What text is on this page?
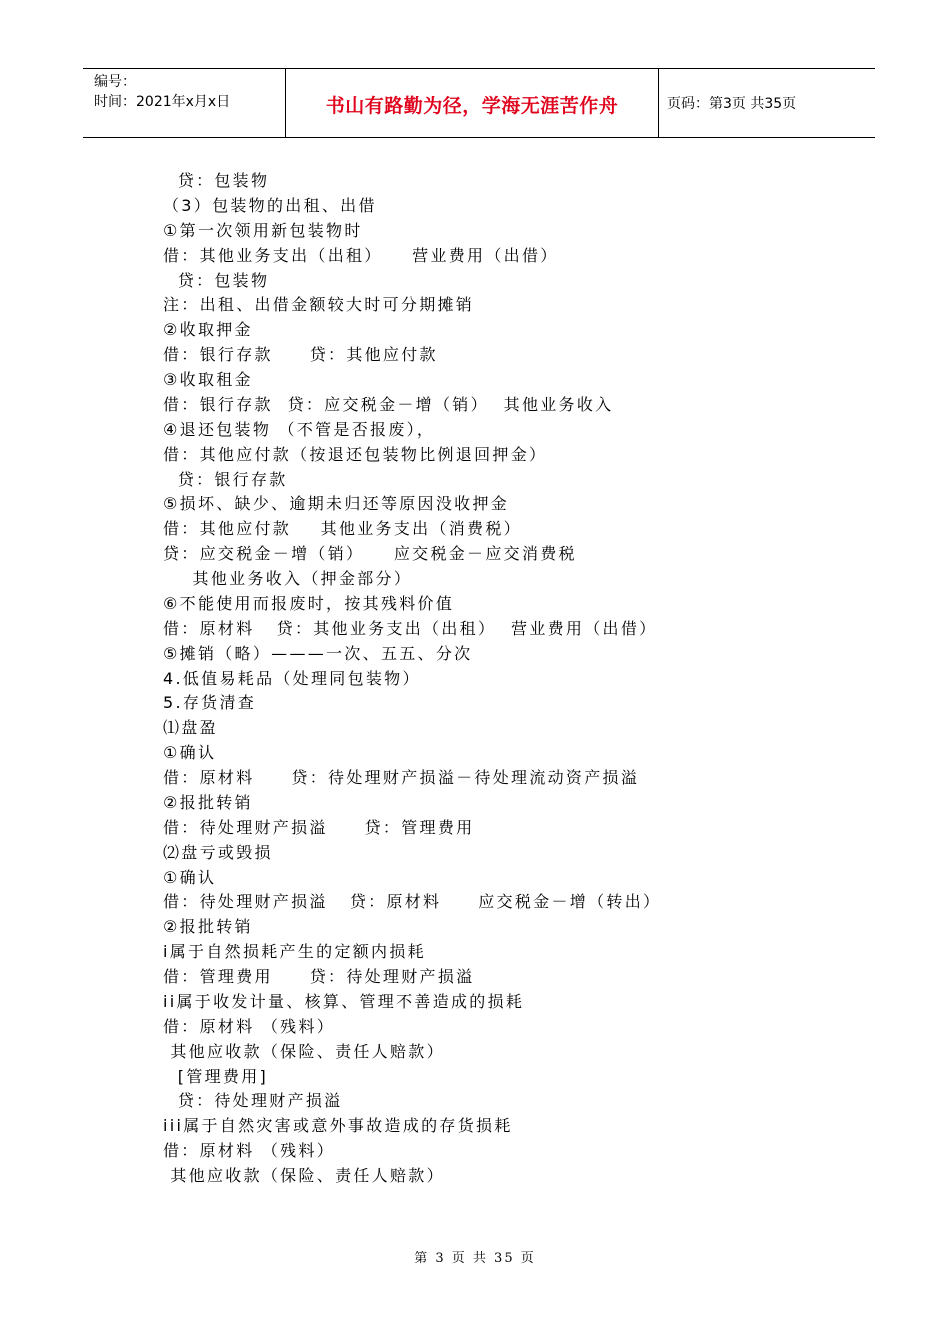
编号：
时间：2021年x月x日	书山有路勤为径，学海无涯苦作舟	页码：第3页 共35页
贷：包装物
（3）包装物的出租、出借
①第一次领用新包装物时
借：其他业务支出（出租）    营业费用（出借）
贷：包装物
注：出租、出借金额较大时可分期摊销
②收取押金
借：银行存款     贷：其他应付款
③收取租金
借：银行存款  贷：应交税金－增（销）  其他业务收入
④退还包装物 （不管是否报废），
借：其他应付款（按退还包装物比例退回押金）
贷：银行存款
⑤损坏、缺少、逾期未归还等原因没收押金
借：其他应付款    其他业务支出（消费税）
贷：应交税金－增（销）    应交税金－应交消费税
其他业务收入（押金部分）
⑥不能使用而报废时，按其残料价值
借：原材料   贷：其他业务支出（出租）  营业费用（出借）
⑤摊销（略）———一次、五五、分次
4.低值易耗品（处理同包装物）
5.存货清查
⑴盘盈
①确认
借：原材料     贷：待处理财产损溢－待处理流动资产损溢
②报批转销
借：待处理财产损溢     贷：管理费用
⑵盘亏或毁损
①确认
借：待处理财产损溢   贷：原材料     应交税金－增（转出）
②报批转销
i属于自然损耗产生的定额内损耗
借：管理费用     贷：待处理财产损溢
ii属于收发计量、核算、管理不善造成的损耗
借：原材料 （残料）
其他应收款（保险、责任人赔款）
[管理费用]
贷：待处理财产损溢
iii属于自然灾害或意外事故造成的存货损耗
借：原材料 （残料）
其他应收款（保险、责任人赔款）
第 3 页 共 35 页
